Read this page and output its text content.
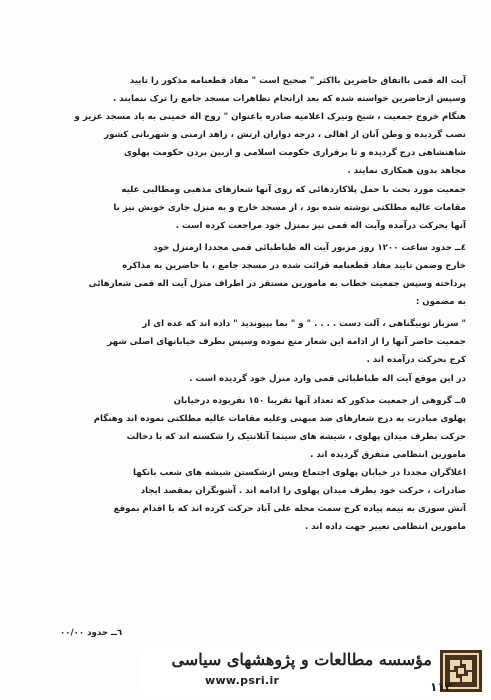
آیت اله قمی بااتفاق حاضرین بااکثر " صحیح است " مفاد قطعنامه مذکور را تایید
وسپس ازحاضرین خواسته شده که بعد ازانجام تظاهرات مسجد جامع را ترک ننمایند .
هنگام خروج جمعیت ، شیخ ونیرک اعلامیه صادره باعنوان " روح اله خمینی به یاد مسجد عزیز و
نصب گردیده و وطن آنان از اهالی ، درجه دواران ارتش ، زاهد ارمنی و شهربانی کشور
شاهنشاهی درج گردیده و تا برقراری حکومت اسلامی و ازبین بردن حکومت پهلوی
مجاهد بدون همکاری نمایند .
جمعیت مورد بحث با حمل پلاکاردهائی که روی آنها شعارهای مذهبی ومطالبی علیه
مقامات عالیه مطلکتی نوشته شده بود ، از مسجد خارج و به منزل جاری خویش نیز با
آنها بحرکت درآمده وآیت اله قمی نیز بمنزل خود مراجعت کرده است .
٤ــ حدود ساعت ١٢٠٠ روز مزبور آیت اله طباطبائی قمی مجددا ازمنزل خود
خارج وضمن تایید مفاد قطعنامه قرائت شده در مسجد جامع ، با حاضرین به مذاکره
پرداخته وسپس جمعیت خطاب به مامورین مستقر در اطراف منزل آیت اله قمی شعارهائی
به مضمون :
" سرباز توبیگناهی ، آلت دست . . . . " و " بما بپیوندید " داده اند که عده ای از
جمعیت حاضر آنها را از ادامه این شعار منع نموده وسپس بطرف خیابانهای اصلی شهر
کرج بحرکت درآمده اند .
در این موقع آیت اله طباطبائی قمی وارد منزل خود گردیده است .
٥ــ گروهی از جمعیت مذکور که تعداد آنها تقریبا ١٥٠ نفربوده درخیابان
پهلوی مبادرت به درج شعارهای ضد میهنی وعلیه مقامات عالیه مطلکتی نموده اند وهنگام
حرکت بطرف میدان پهلوی ، شیشه های سینما آتلانتیک را شکسته اند که با دخالت
مامورین انتظامی متفرق گردیده اند .
اغلاگران مجددا در خیابان پهلوی اجتماع وپس ازشکستن شیشه های شعب بانکها
صادرات ، حرکت خود بطرف میدان پهلوی را ادامه اند . آشوبگران بمقصد ایجاد
آتش سوزی به بیمه پیاده کرج سمت محله علی آباد حرکت کرده اند که با اقدام بموقع
مامورین انتظامی تغییر جهت داده اند .
٦ــ حدود ٠٠/٠٠
مؤسسه مطالعات و پژوهشهای سیاسی
www.psri.ir	١١٣
